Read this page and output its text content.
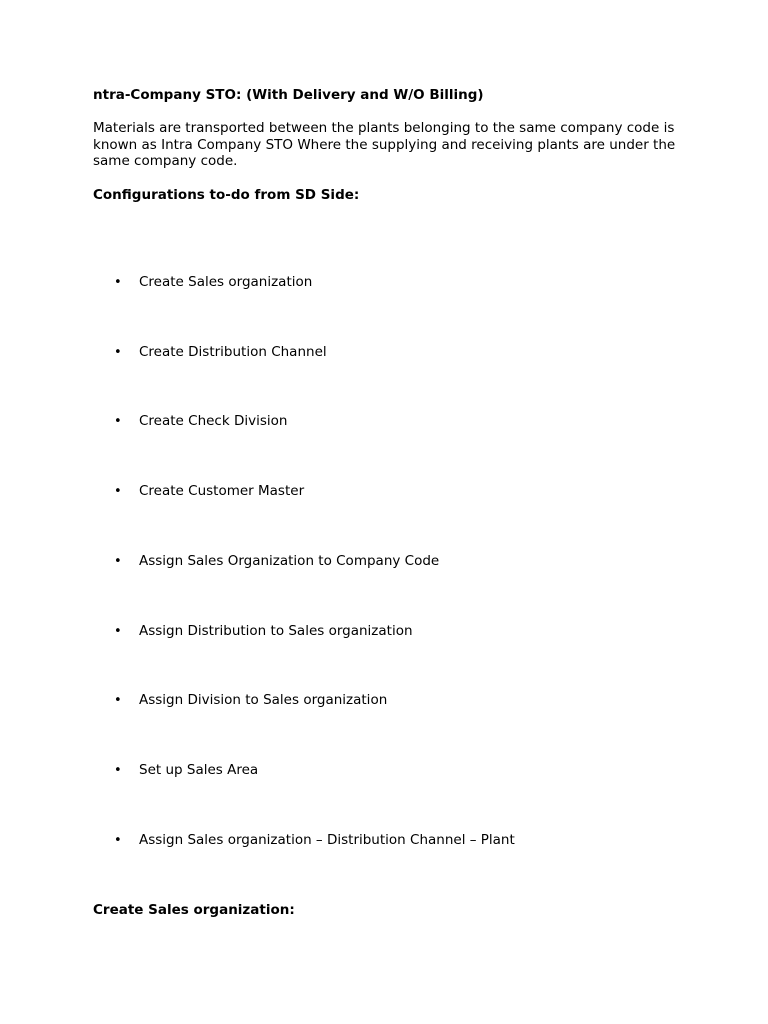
ntra-Company STO: (With Delivery and W/O Billing)

Materials are transported between the plants belonging to the same company code is known as Intra Company STO Where the supplying and receiving plants are under the same company code.

Configurations to-do from SD Side:
• Create Sales organization
• Create Distribution Channel
• Create Check Division
• Create Customer Master
• Assign Sales Organization to Company Code
• Assign Distribution to Sales organization
• Assign Division to Sales organization
• Set up Sales Area
• Assign Sales organization – Distribution Channel – Plant
Create Sales organization:
